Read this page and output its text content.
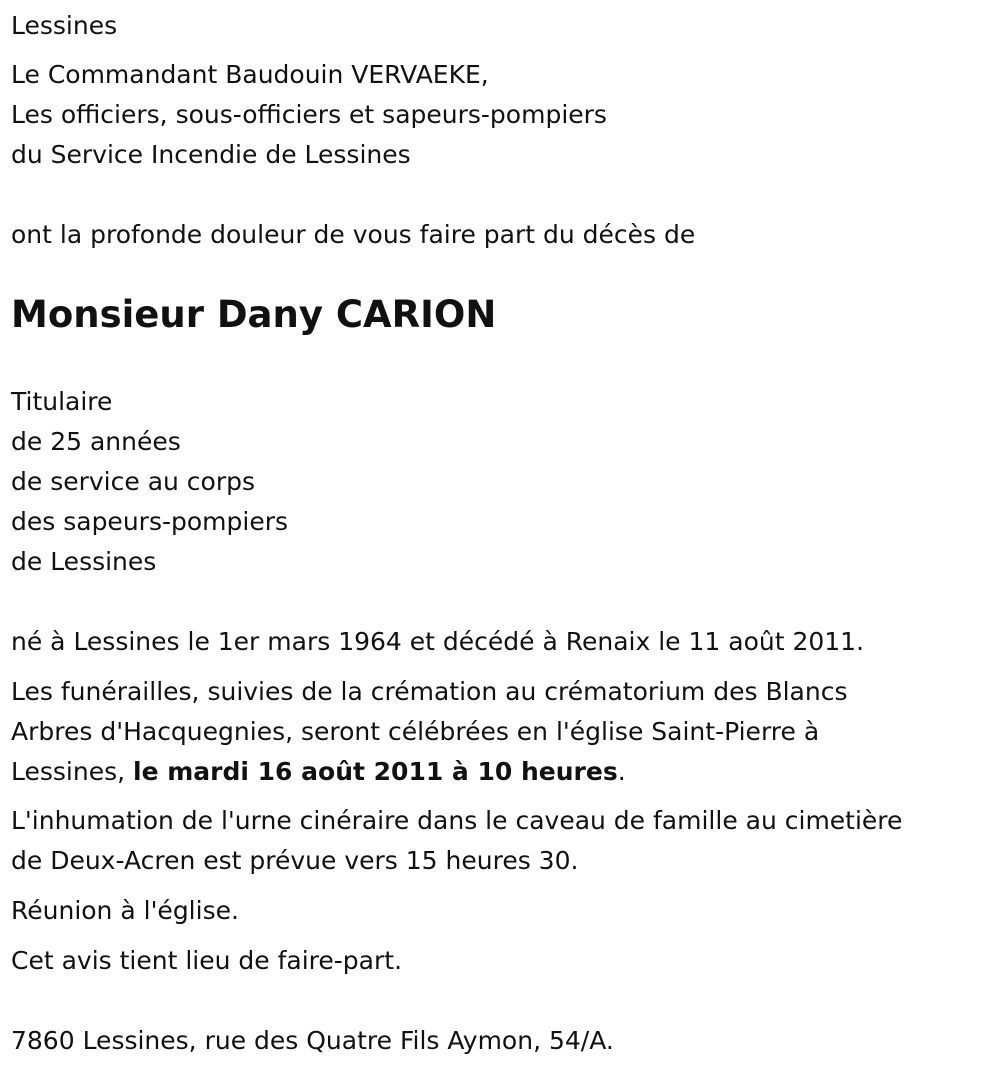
Lessines
Le Commandant Baudouin VERVAEKE,
Les officiers, sous-officiers et sapeurs-pompiers
du Service Incendie de Lessines
ont la profonde douleur de vous faire part du décès de
Monsieur Dany CARION
Titulaire
de 25 années
de service au corps
des sapeurs-pompiers
de Lessines
né à Lessines le 1er mars 1964 et décédé à Renaix le 11 août 2011.
Les funérailles, suivies de la crémation au crématorium des Blancs
Arbres d'Hacquegnies, seront célébrées en l'église Saint-Pierre à
Lessines, le mardi 16 août 2011 à 10 heures.
L'inhumation de l'urne cinéraire dans le caveau de famille au cimetière
de Deux-Acren est prévue vers 15 heures 30.
Réunion à l'église.
Cet avis tient lieu de faire-part.
7860 Lessines, rue des Quatre Fils Aymon, 54/A.
